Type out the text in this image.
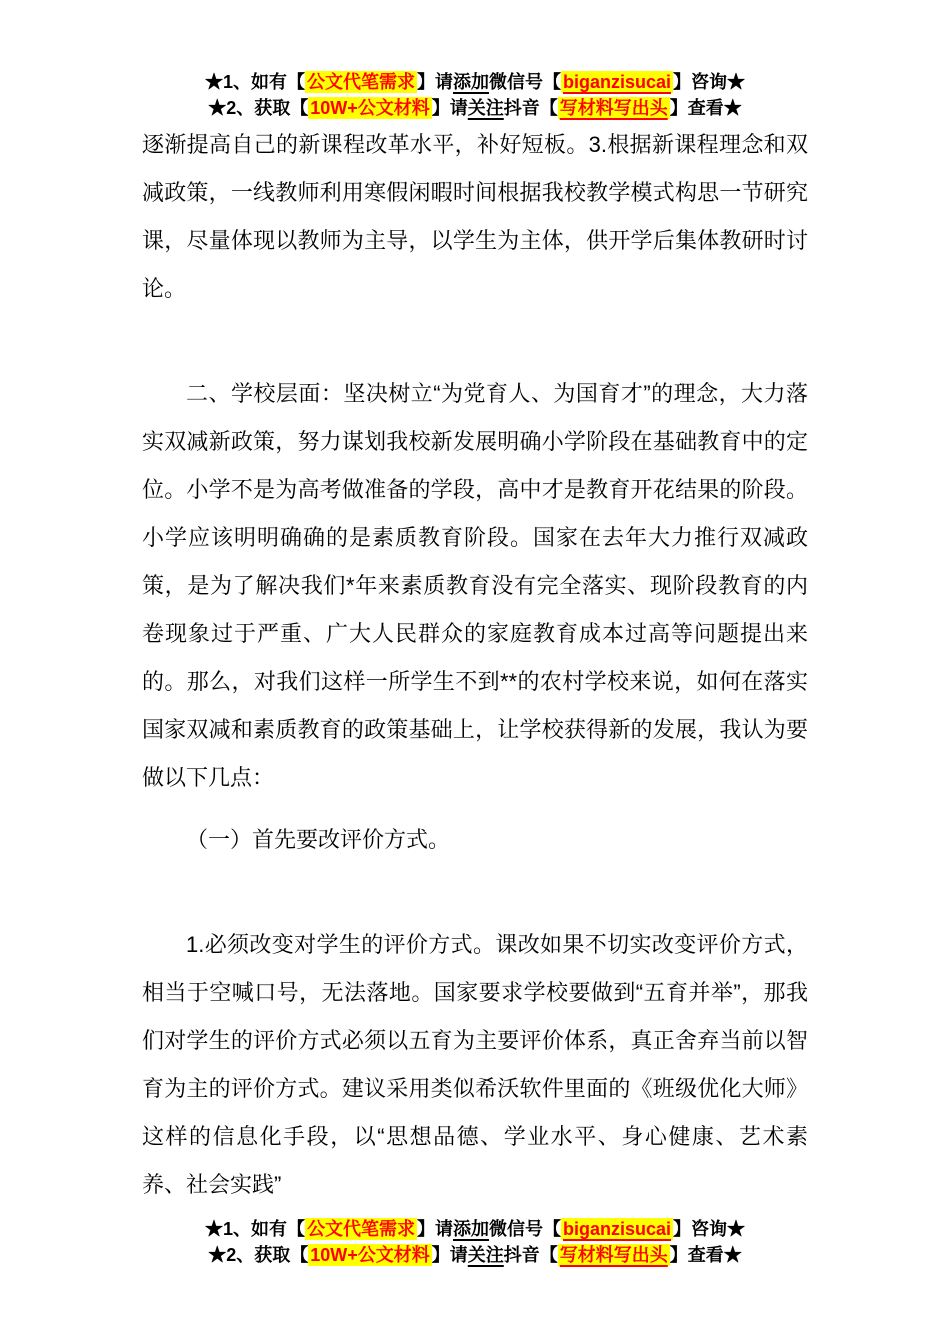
★1、如有【 公文代笔需求 】请添加微信号【 biganzisucai 】咨询★
★2、获取【 10W+公文材料 】请关注抖音【 写材料写出头 】查看★

逐渐提高自己的新课程改革水平，补好短板。3.根据新课程理念和双减政策，一线教师利用寒假闲暇时间根据我校教学模式构思一节研究课，尽量体现以教师为主导，以学生为主体，供开学后集体教研时讨论。

二、学校层面：坚决树立“为党育人、为国育才”的理念，大力落实双减新政策，努力谋划我校新发展明确小学阶段在基础教育中的定位。小学不是为高考做准备的学段，高中才是教育开花结果的阶段。小学应该明明确确的是素质教育阶段。国家在去年大力推行双减政策，是为了解决我们*年来素质教育没有完全落实、现阶段教育的内卷现象过于严重、广大人民群众的家庭教育成本过高等问题提出来的。那么，对我们这样一所学生不到**的农村学校来说，如何在落实国家双减和素质教育的政策基础上，让学校获得新的发展，我认为要做以下几点：

（一）首先要改评价方式。

1.必须改变对学生的评价方式。课改如果不切实改变评价方式，相当于空喊口号，无法落地。国家要求学校要做到“五育并举”，那我们对学生的评价方式必须以五育为主要评价体系，真正舍弃当前以智育为主的评价方式。建议采用类似希沃软件里面的《班级优化大师》这样的信息化手段，以“思想品德、学业水平、身心健康、艺术素养、社会实践”

★1、如有【 公文代笔需求 】请添加微信号【 biganzisucai 】咨询★
★2、获取【 10W+公文材料 】请关注抖音【 写材料写出头 】查看★
